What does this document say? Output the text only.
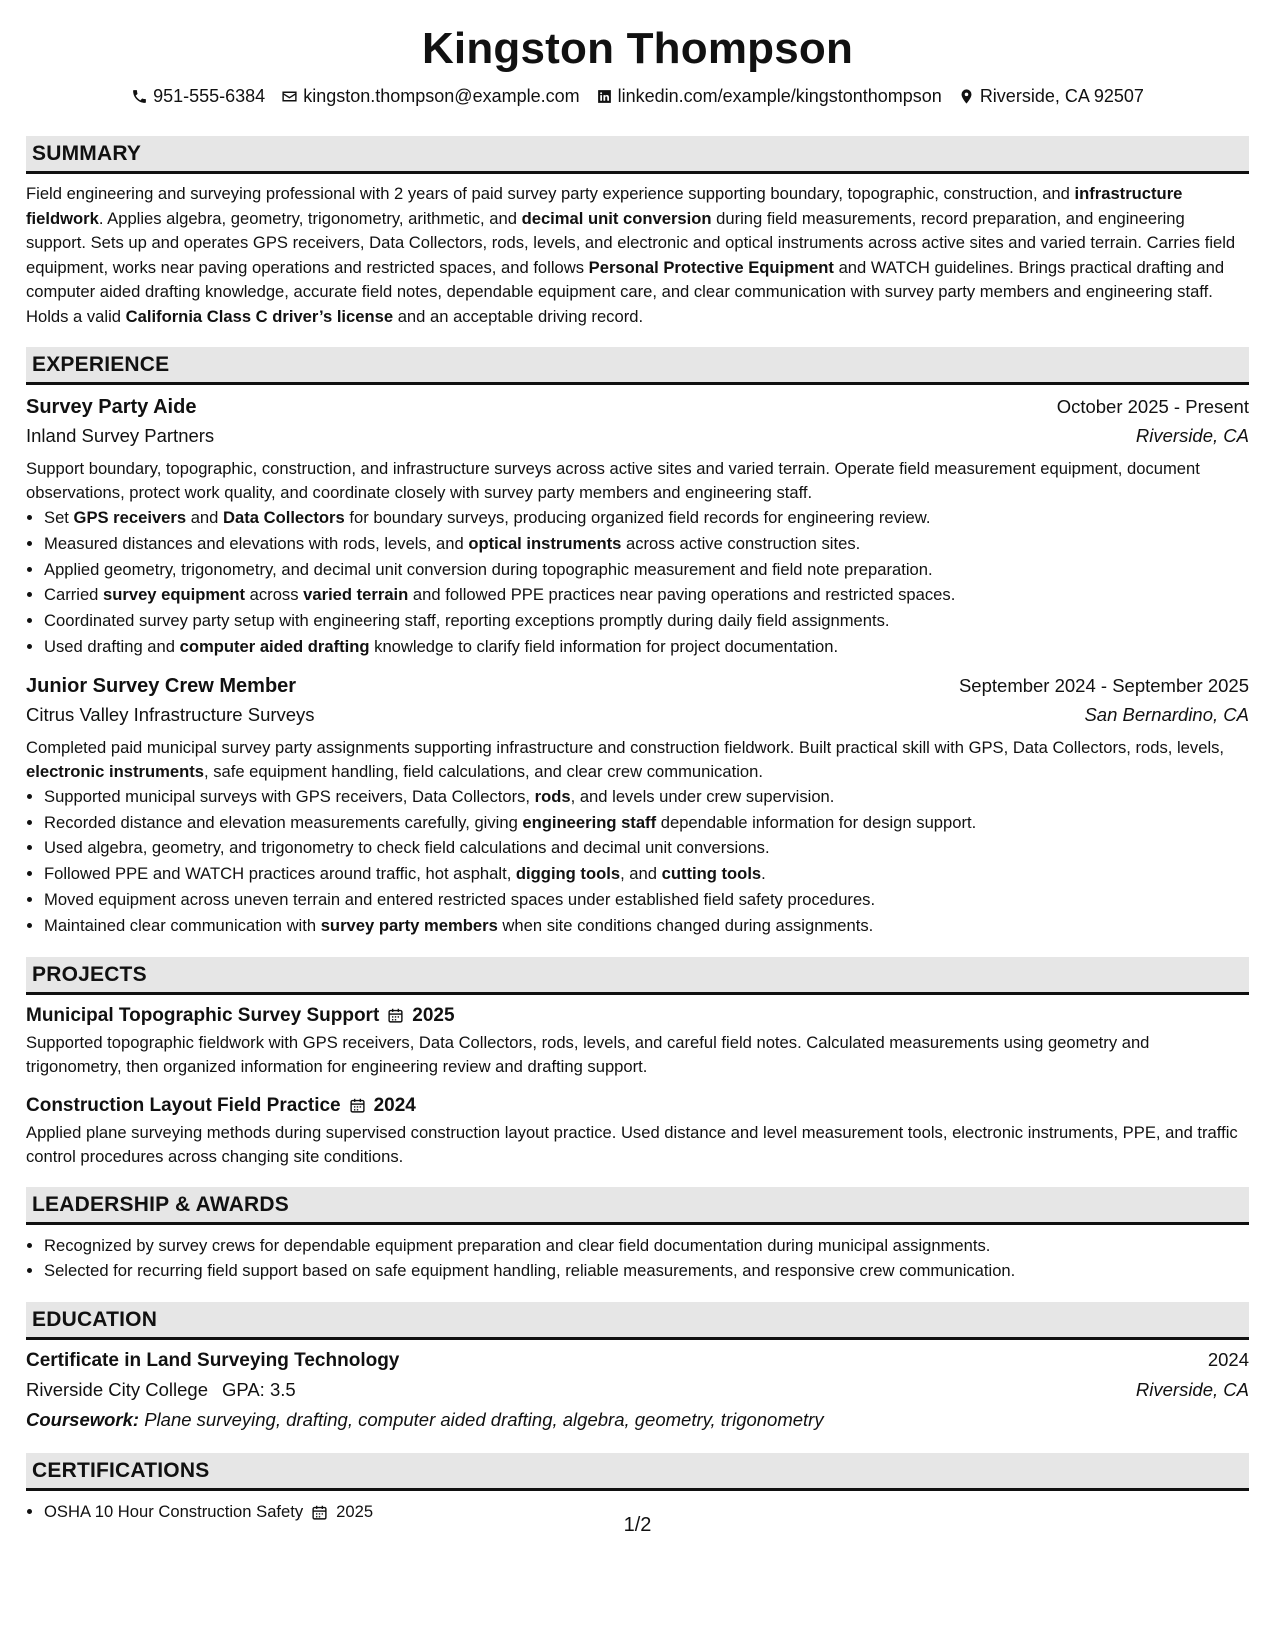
Kingston Thompson
951-555-6384 kingston.thompson@example.com linkedin.com/example/kingstonthompson Riverside, CA 92507
SUMMARY
Field engineering and surveying professional with 2 years of paid survey party experience supporting boundary, topographic, construction, and infrastructure fieldwork. Applies algebra, geometry, trigonometry, arithmetic, and decimal unit conversion during field measurements, record preparation, and engineering support. Sets up and operates GPS receivers, Data Collectors, rods, levels, and electronic and optical instruments across active sites and varied terrain. Carries field equipment, works near paving operations and restricted spaces, and follows Personal Protective Equipment and WATCH guidelines. Brings practical drafting and computer aided drafting knowledge, accurate field notes, dependable equipment care, and clear communication with survey party members and engineering staff. Holds a valid California Class C driver’s license and an acceptable driving record.
EXPERIENCE
Survey Party Aide	October 2025 - Present
Inland Survey Partners	Riverside, CA
Support boundary, topographic, construction, and infrastructure surveys across active sites and varied terrain. Operate field measurement equipment, document observations, protect work quality, and coordinate closely with survey party members and engineering staff.
• Set GPS receivers and Data Collectors for boundary surveys, producing organized field records for engineering review.
• Measured distances and elevations with rods, levels, and optical instruments across active construction sites.
• Applied geometry, trigonometry, and decimal unit conversion during topographic measurement and field note preparation.
• Carried survey equipment across varied terrain and followed PPE practices near paving operations and restricted spaces.
• Coordinated survey party setup with engineering staff, reporting exceptions promptly during daily field assignments.
• Used drafting and computer aided drafting knowledge to clarify field information for project documentation.
Junior Survey Crew Member	September 2024 - September 2025
Citrus Valley Infrastructure Surveys	San Bernardino, CA
Completed paid municipal survey party assignments supporting infrastructure and construction fieldwork. Built practical skill with GPS, Data Collectors, rods, levels, electronic instruments, safe equipment handling, field calculations, and clear crew communication.
• Supported municipal surveys with GPS receivers, Data Collectors, rods, and levels under crew supervision.
• Recorded distance and elevation measurements carefully, giving engineering staff dependable information for design support.
• Used algebra, geometry, and trigonometry to check field calculations and decimal unit conversions.
• Followed PPE and WATCH practices around traffic, hot asphalt, digging tools, and cutting tools.
• Moved equipment across uneven terrain and entered restricted spaces under established field safety procedures.
• Maintained clear communication with survey party members when site conditions changed during assignments.
PROJECTS
Municipal Topographic Survey Support 2025
Supported topographic fieldwork with GPS receivers, Data Collectors, rods, levels, and careful field notes. Calculated measurements using geometry and trigonometry, then organized information for engineering review and drafting support.
Construction Layout Field Practice 2024
Applied plane surveying methods during supervised construction layout practice. Used distance and level measurement tools, electronic instruments, PPE, and traffic control procedures across changing site conditions.
LEADERSHIP & AWARDS
• Recognized by survey crews for dependable equipment preparation and clear field documentation during municipal assignments.
• Selected for recurring field support based on safe equipment handling, reliable measurements, and responsive crew communication.
EDUCATION
Certificate in Land Surveying Technology	2024
Riverside City College GPA: 3.5	Riverside, CA
Coursework: Plane surveying, drafting, computer aided drafting, algebra, geometry, trigonometry
CERTIFICATIONS
• OSHA 10 Hour Construction Safety 2025
1/2
